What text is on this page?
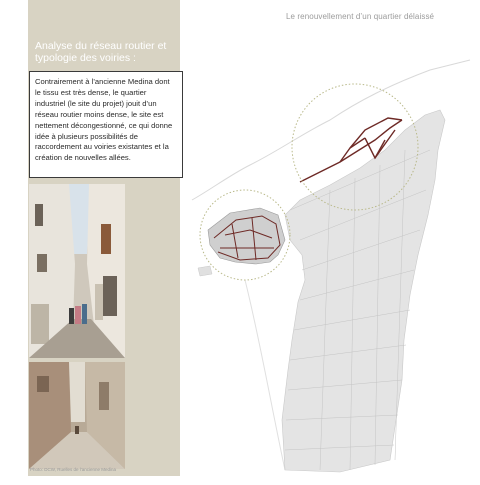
Le renouvellement d’un quartier délaissé
Analyse du réseau routier et typologie des voiries :
Contrairement à l’ancienne Medina dont le tissu est très dense, le quartier industriel (le site du projet) jouit d’un réseau routier moins dense, le site est nettement décongestionné, ce qui donne idée à plusieurs possibilités de raccordement au voiries existantes et la création de nouvelles allées.
Photo: DCW, Ruelles de l’ancienne Medina
